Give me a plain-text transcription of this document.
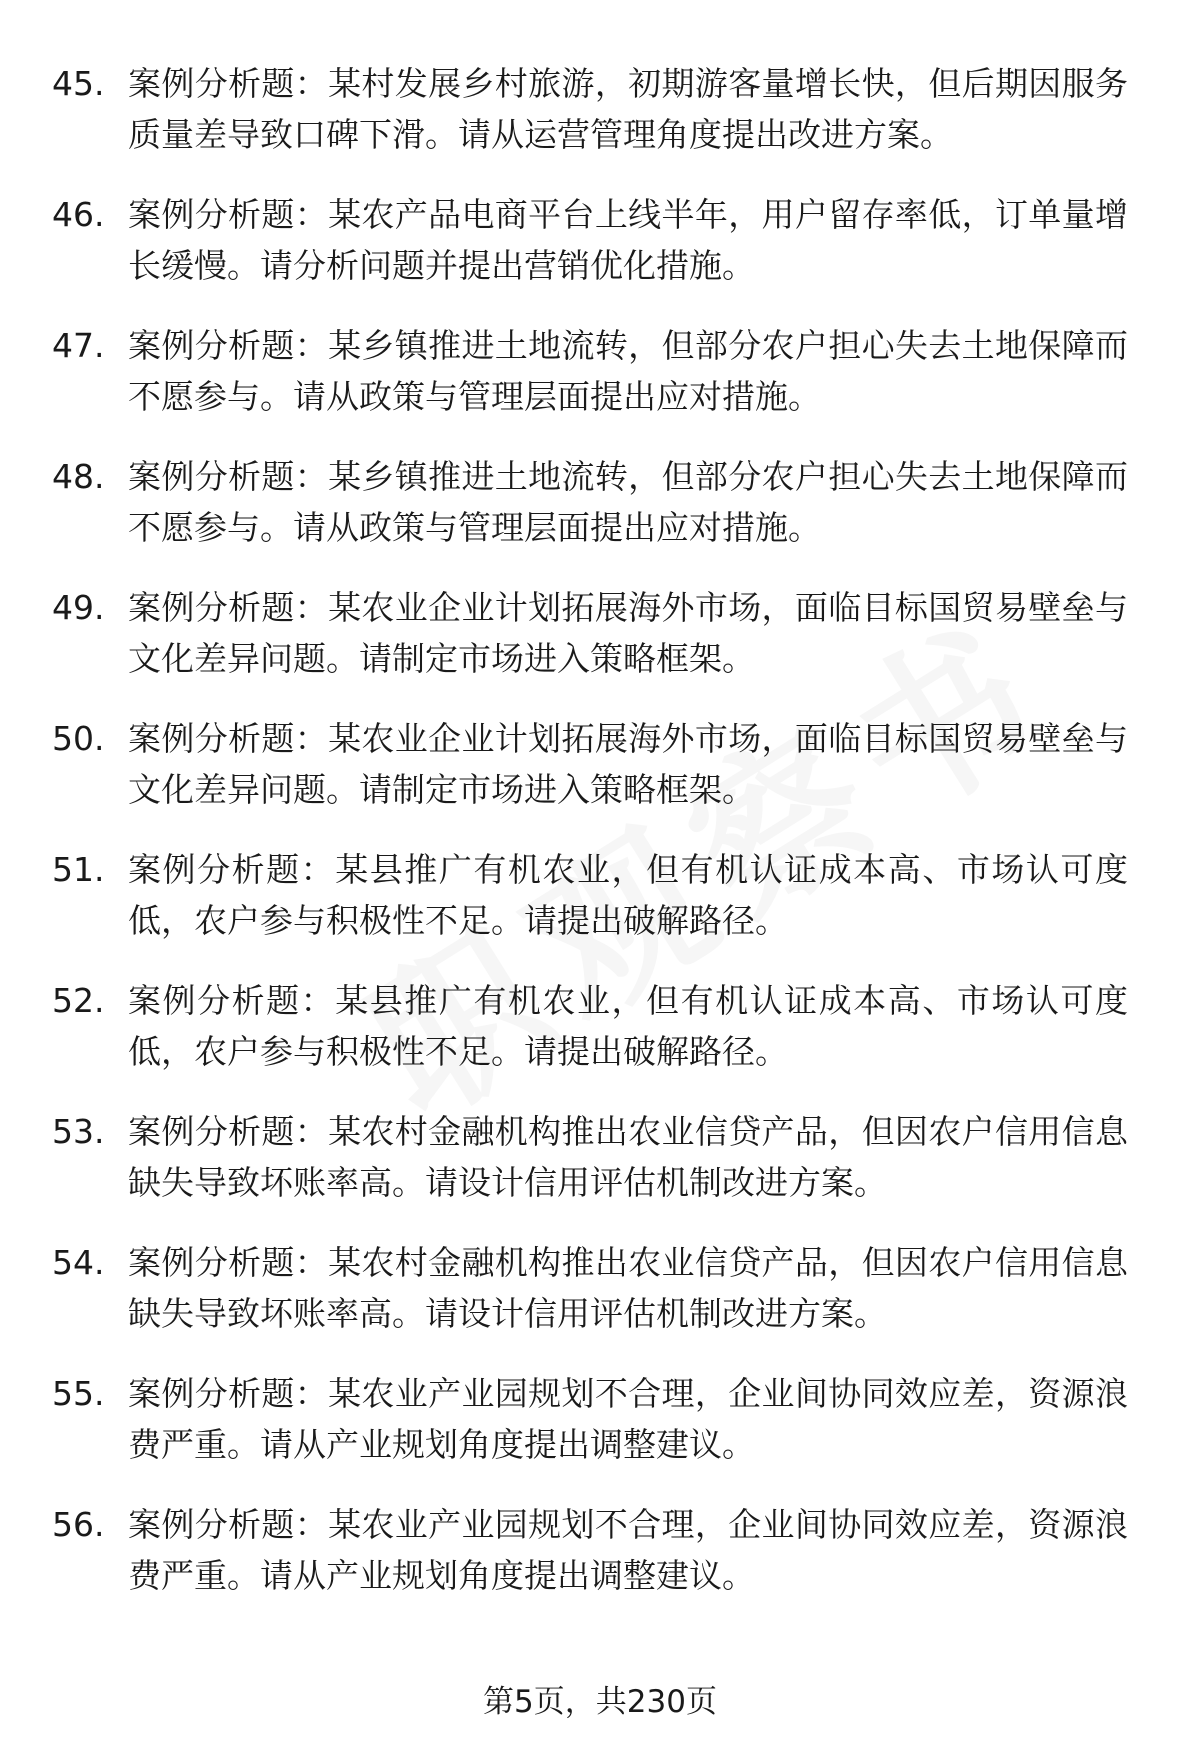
45. 案例分析题：某村发展乡村旅游，初期游客量增长快，但后期因服务质量差导致口碑下滑。请从运营管理角度提出改进方案。
46. 案例分析题：某农产品电商平台上线半年，用户留存率低，订单量增长缓慢。请分析问题并提出营销优化措施。
47. 案例分析题：某乡镇推进土地流转，但部分农户担心失去土地保障而不愿参与。请从政策与管理层面提出应对措施。
48. 案例分析题：某乡镇推进土地流转，但部分农户担心失去土地保障而不愿参与。请从政策与管理层面提出应对措施。
49. 案例分析题：某农业企业计划拓展海外市场，面临目标国贸易壁垒与文化差异问题。请制定市场进入策略框架。
50. 案例分析题：某农业企业计划拓展海外市场，面临目标国贸易壁垒与文化差异问题。请制定市场进入策略框架。
51. 案例分析题：某县推广有机农业，但有机认证成本高、市场认可度低，农户参与积极性不足。请提出破解路径。
52. 案例分析题：某县推广有机农业，但有机认证成本高、市场认可度低，农户参与积极性不足。请提出破解路径。
53. 案例分析题：某农村金融机构推出农业信贷产品，但因农户信用信息缺失导致坏账率高。请设计信用评估机制改进方案。
54. 案例分析题：某农村金融机构推出农业信贷产品，但因农户信用信息缺失导致坏账率高。请设计信用评估机制改进方案。
55. 案例分析题：某农业产业园规划不合理，企业间协同效应差，资源浪费严重。请从产业规划角度提出调整建议。
56. 案例分析题：某农业产业园规划不合理，企业间协同效应差，资源浪费严重。请从产业规划角度提出调整建议。
第5页，共230页
